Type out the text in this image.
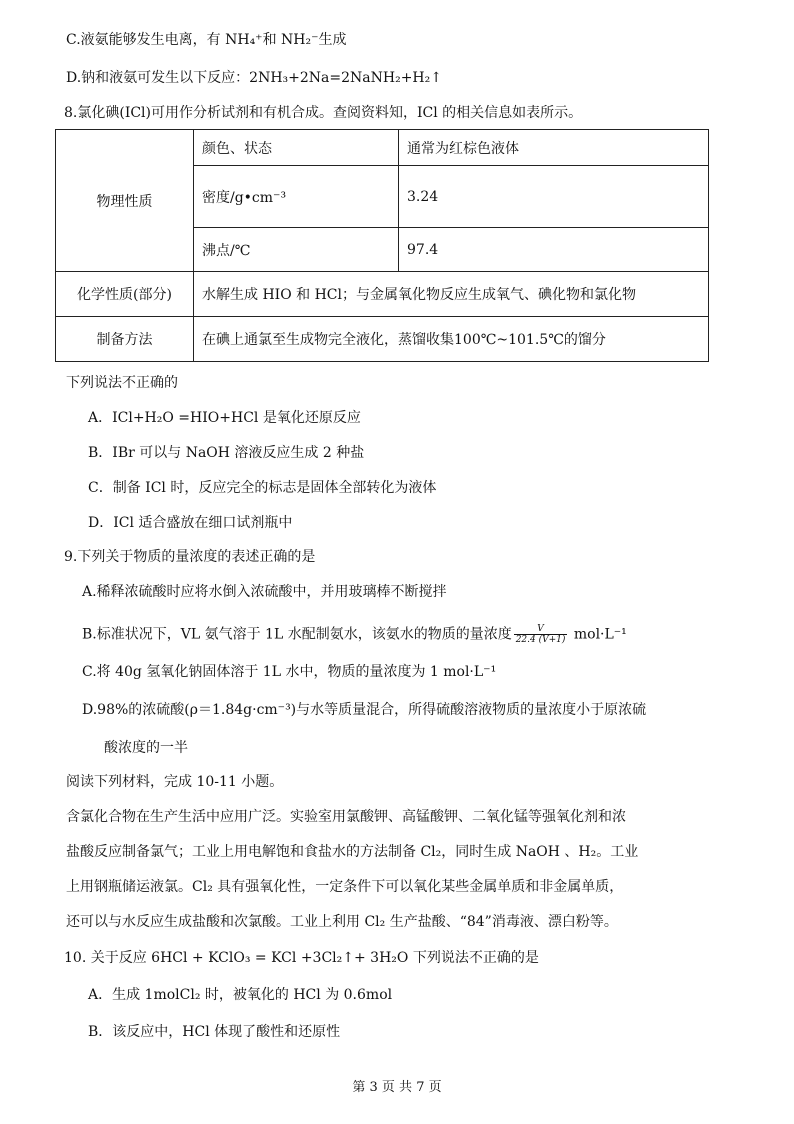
C.液氨能够发生电离，有 NH₄⁺和 NH₂⁻生成
D.钠和液氨可发生以下反应：2NH₃+2Na=2NaNH₂+H₂↑
8.氯化碘(ICl)可用作分析试剂和有机合成。查阅资料知，ICl 的相关信息如表所示。
物理性质	颜色、状态	通常为红棕色液体
	密度/g•cm⁻³	3.24
	沸点/℃	97.4
化学性质(部分)	水解生成 HIO 和 HCl；与金属氧化物反应生成氧气、碘化物和氯化物	
制备方法	在碘上通氯至生成物完全液化，蒸馏收集100℃~101.5℃的馏分	
下列说法不正确的
A．ICl+H₂O =HIO+HCl 是氧化还原反应
B．IBr 可以与 NaOH 溶液反应生成 2 种盐
C．制备 ICl 时，反应完全的标志是固体全部转化为液体
D．ICl 适合盛放在细口试剂瓶中
9.下列关于物质的量浓度的表述正确的是
A.稀释浓硫酸时应将水倒入浓硫酸中，并用玻璃棒不断搅拌
B.标准状况下，VL 氨气溶于 1L 水配制氨水，该氨水的物质的量浓度 $\frac{V}{22.4 (V+1)} mol\cdot L^{-1}$
C.将 40g 氢氧化钠固体溶于 1L 水中，物质的量浓度为 1 mol·L⁻¹
D.98%的浓硫酸(ρ＝1.84g·cm⁻³)与水等质量混合，所得硫酸溶液物质的量浓度小于原浓硫
酸浓度的一半
阅读下列材料，完成 10-11 小题。
含氯化合物在生产生活中应用广泛。实验室用氯酸钾、高锰酸钾、二氧化锰等强氧化剂和浓
盐酸反应制备氯气；工业上用电解饱和食盐水的方法制备 Cl₂，同时生成 NaOH 、H₂。工业
上用钢瓶储运液氯。Cl₂ 具有强氧化性，一定条件下可以氧化某些金属单质和非金属单质，
还可以与水反应生成盐酸和次氯酸。工业上利用 Cl₂ 生产盐酸、“84”消毒液、漂白粉等。
10. 关于反应 6HCl + KClO₃ = KCl +3Cl₂↑+ 3H₂O 下列说法不正确的是
A．生成 1molCl₂ 时，被氧化的 HCl 为 0.6mol
B．该反应中，HCl 体现了酸性和还原性
第 3 页 共 7 页
